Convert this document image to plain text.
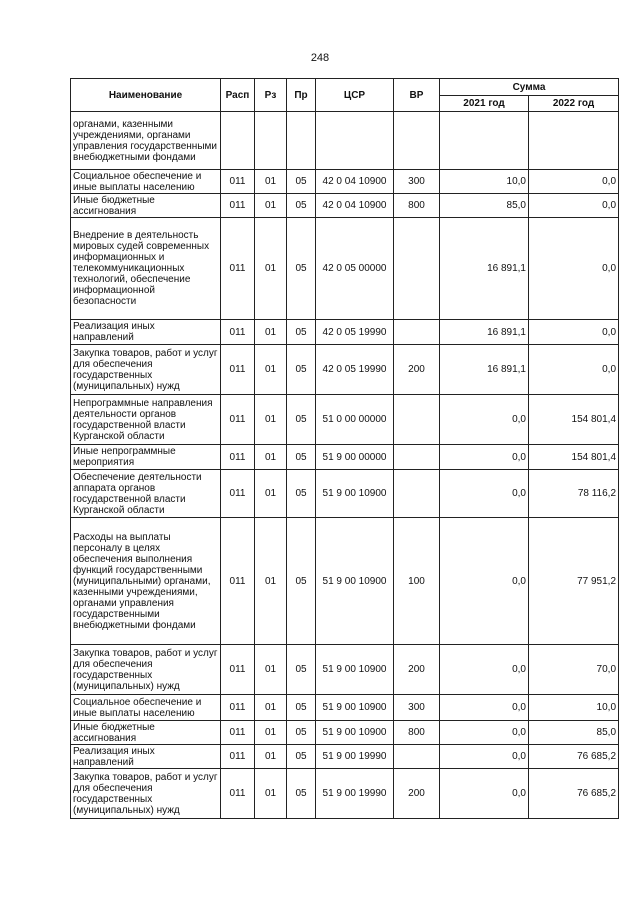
248
Наименование	Расп	Рз	Пр	ЦСР	ВР	Сумма	
						2021 год	2022 год
органами, казенными учреждениями, органами управления государственными внебюджетными фондами							
Социальное обеспечение и иные выплаты населению	011	01	05	42 0 04 10900	300	10,0	0,0
Иные бюджетные ассигнования	011	01	05	42 0 04 10900	800	85,0	0,0
Внедрение в деятельность мировых судей современных информационных и телекоммуникационных технологий, обеспечение информационной безопасности	011	01	05	42 0 05 00000		16 891,1	0,0
Реализация иных направлений	011	01	05	42 0 05 19990		16 891,1	0,0
Закупка товаров, работ и услуг для обеспечения государственных (муниципальных) нужд	011	01	05	42 0 05 19990	200	16 891,1	0,0
Непрограммные направления деятельности органов государственной власти Курганской области	011	01	05	51 0 00 00000		0,0	154 801,4
Иные непрограммные мероприятия	011	01	05	51 9 00 00000		0,0	154 801,4
Обеспечение деятельности аппарата органов государственной власти Курганской области	011	01	05	51 9 00 10900		0,0	78 116,2
Расходы на выплаты персоналу в целях обеспечения выполнения функций государственными (муниципальными) органами, казенными учреждениями, органами управления государственными внебюджетными фондами	011	01	05	51 9 00 10900	100	0,0	77 951,2
Закупка товаров, работ и услуг для обеспечения государственных (муниципальных) нужд	011	01	05	51 9 00 10900	200	0,0	70,0
Социальное обеспечение и иные выплаты населению	011	01	05	51 9 00 10900	300	0,0	10,0
Иные бюджетные ассигнования	011	01	05	51 9 00 10900	800	0,0	85,0
Реализация иных направлений	011	01	05	51 9 00 19990		0,0	76 685,2
Закупка товаров, работ и услуг для обеспечения государственных (муниципальных) нужд	011	01	05	51 9 00 19990	200	0,0	76 685,2
